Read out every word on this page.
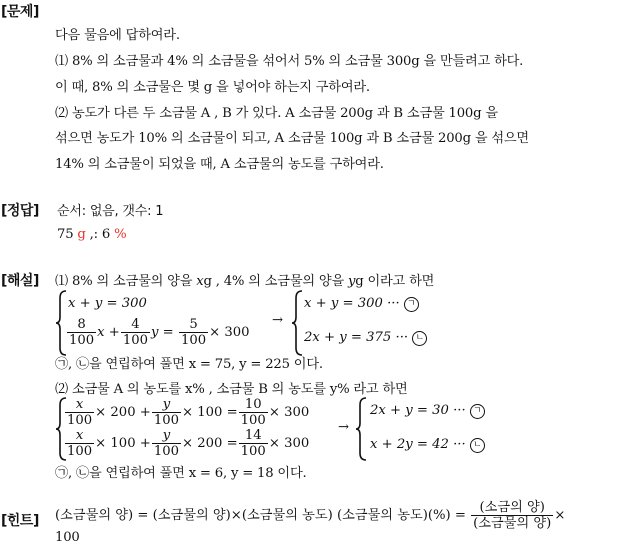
[문제]
[정답]
[해설]
[힌트]
다음 물음에 답하여라.
⑴ 8% 의 소금물과 4% 의 소금물을 섞어서 5% 의 소금물 300g 을 만들려고 하다.
이 때, 8% 의 소금물은 몇 g 을 넣어야 하는지 구하여라.
⑵ 농도가 다른 두 소금물 A , B 가 있다. A 소금물 200g 과 B 소금물 100g 을
섞으면 농도가 10% 의 소금물이 되고, A 소금물 100g 과 B 소금물 200g 을 섞으면
14% 의 소금물이 되었을 때, A 소금물의 농도를 구하여라.
순서: 없음, 갯수: 1
75 g ,: 6 %
⑴ 8% 의 소금물의 양을 xg , 4% 의 소금물의 양을 yg 이라고 하면
x + y = 300
$\frac{8}{100}$ $x + \frac{4}{100}$ $y = \frac{5}{100} \times 300$
→
x + y = 300 ··· ㄱ
2x + y = 375 ··· ㄴ
㉠, ㉡을 연립하여 풀면 x = 75, y = 225 이다.
⑵ 소금물 A 의 농도를 x% , 소금물 B 의 농도를 y% 라고 하면
$\frac{x}{100} \times 200 + \frac{y}{100} \times 100 = \frac{10}{100} \times 300$
$\frac{x}{100} \times 100 + \frac{y}{100} \times 200 = \frac{14}{100} \times 300$
→
2x + y = 30 ··· ㄱ
x + 2y = 42 ··· ㄴ
㉠, ㉡을 연립하여 풀면 x = 6, y = 18 이다.
(소금물의 양) = (소금물의 양)×(소금물의 농도) (소금물의 농도)(%) = $\frac{\text{(소금의 양)}}{\text{(소금물의 양)}}$ ×
100
